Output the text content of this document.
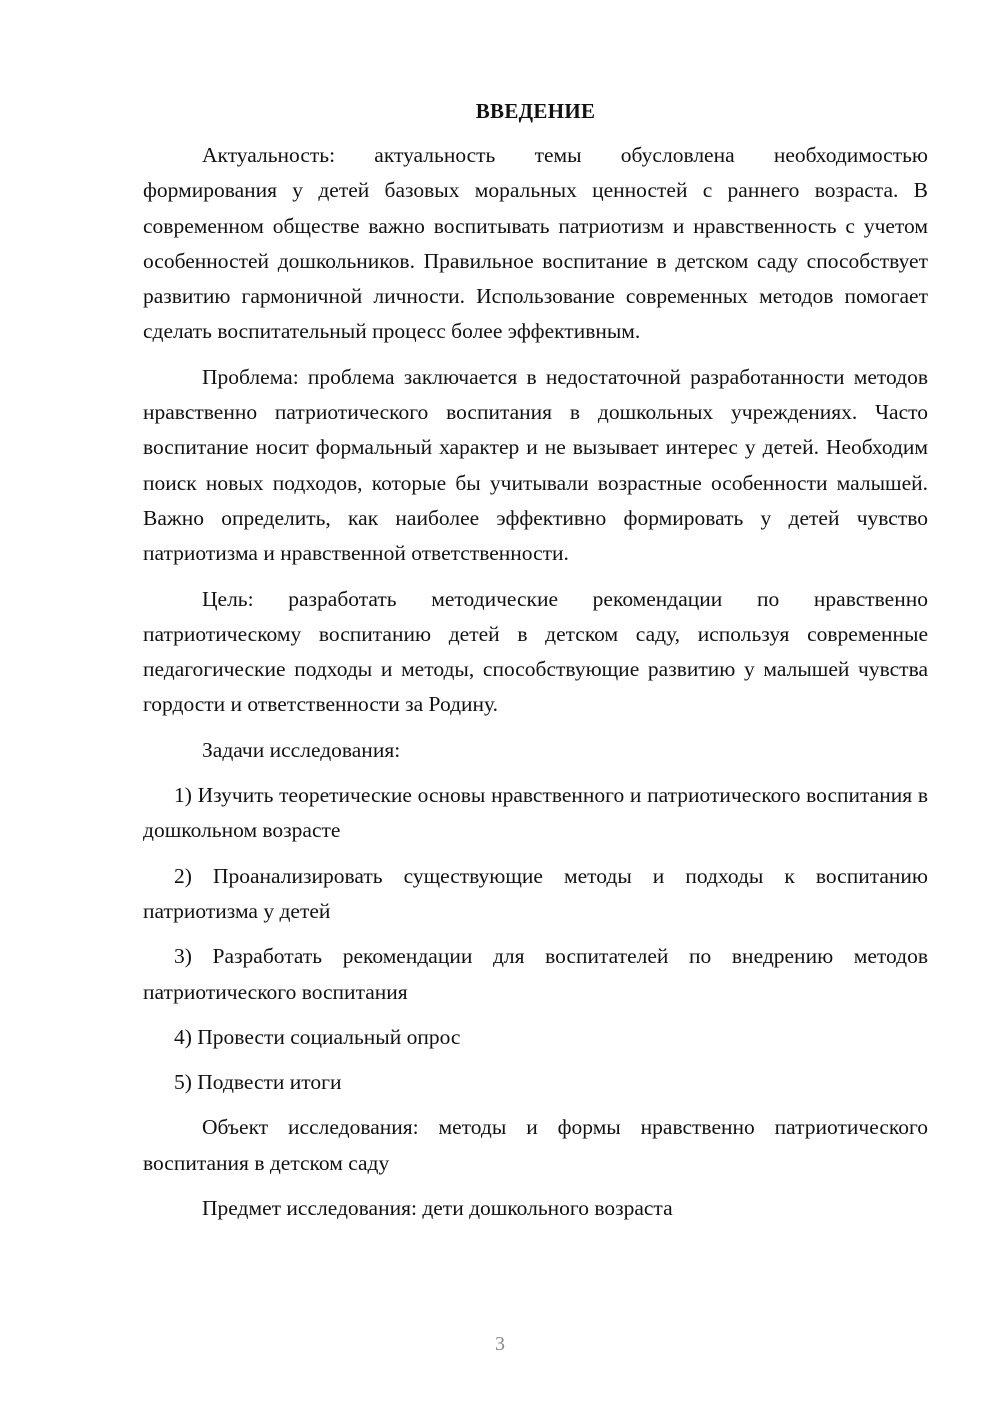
ВВЕДЕНИЕ

Актуальность: актуальность темы обусловлена необходимостью формирования у детей базовых моральных ценностей с раннего возраста. В современном обществе важно воспитывать патриотизм и нравственность с учетом особенностей дошкольников. Правильное воспитание в детском саду способствует развитию гармоничной личности. Использование современных методов помогает сделать воспитательный процесс более эффективным.

Проблема: проблема заключается в недостаточной разработанности методов нравственно патриотического воспитания в дошкольных учреждениях. Часто воспитание носит формальный характер и не вызывает интерес у детей. Необходим поиск новых подходов, которые бы учитывали возрастные особенности малышей. Важно определить, как наиболее эффективно формировать у детей чувство патриотизма и нравственной ответственности.

Цель: разработать методические рекомендации по нравственно патриотическому воспитанию детей в детском саду, используя современные педагогические подходы и методы, способствующие развитию у малышей чувства гордости и ответственности за Родину.

Задачи исследования:

1) Изучить теоретические основы нравственного и патриотического воспитания в дошкольном возрасте
2) Проанализировать существующие методы и подходы к воспитанию патриотизма у детей
3) Разработать рекомендации для воспитателей по внедрению методов патриотического воспитания
4) Провести социальный опрос
5) Подвести итоги

Объект исследования: методы и формы нравственно патриотического воспитания в детском саду

Предмет исследования: дети дошкольного возраста

3
